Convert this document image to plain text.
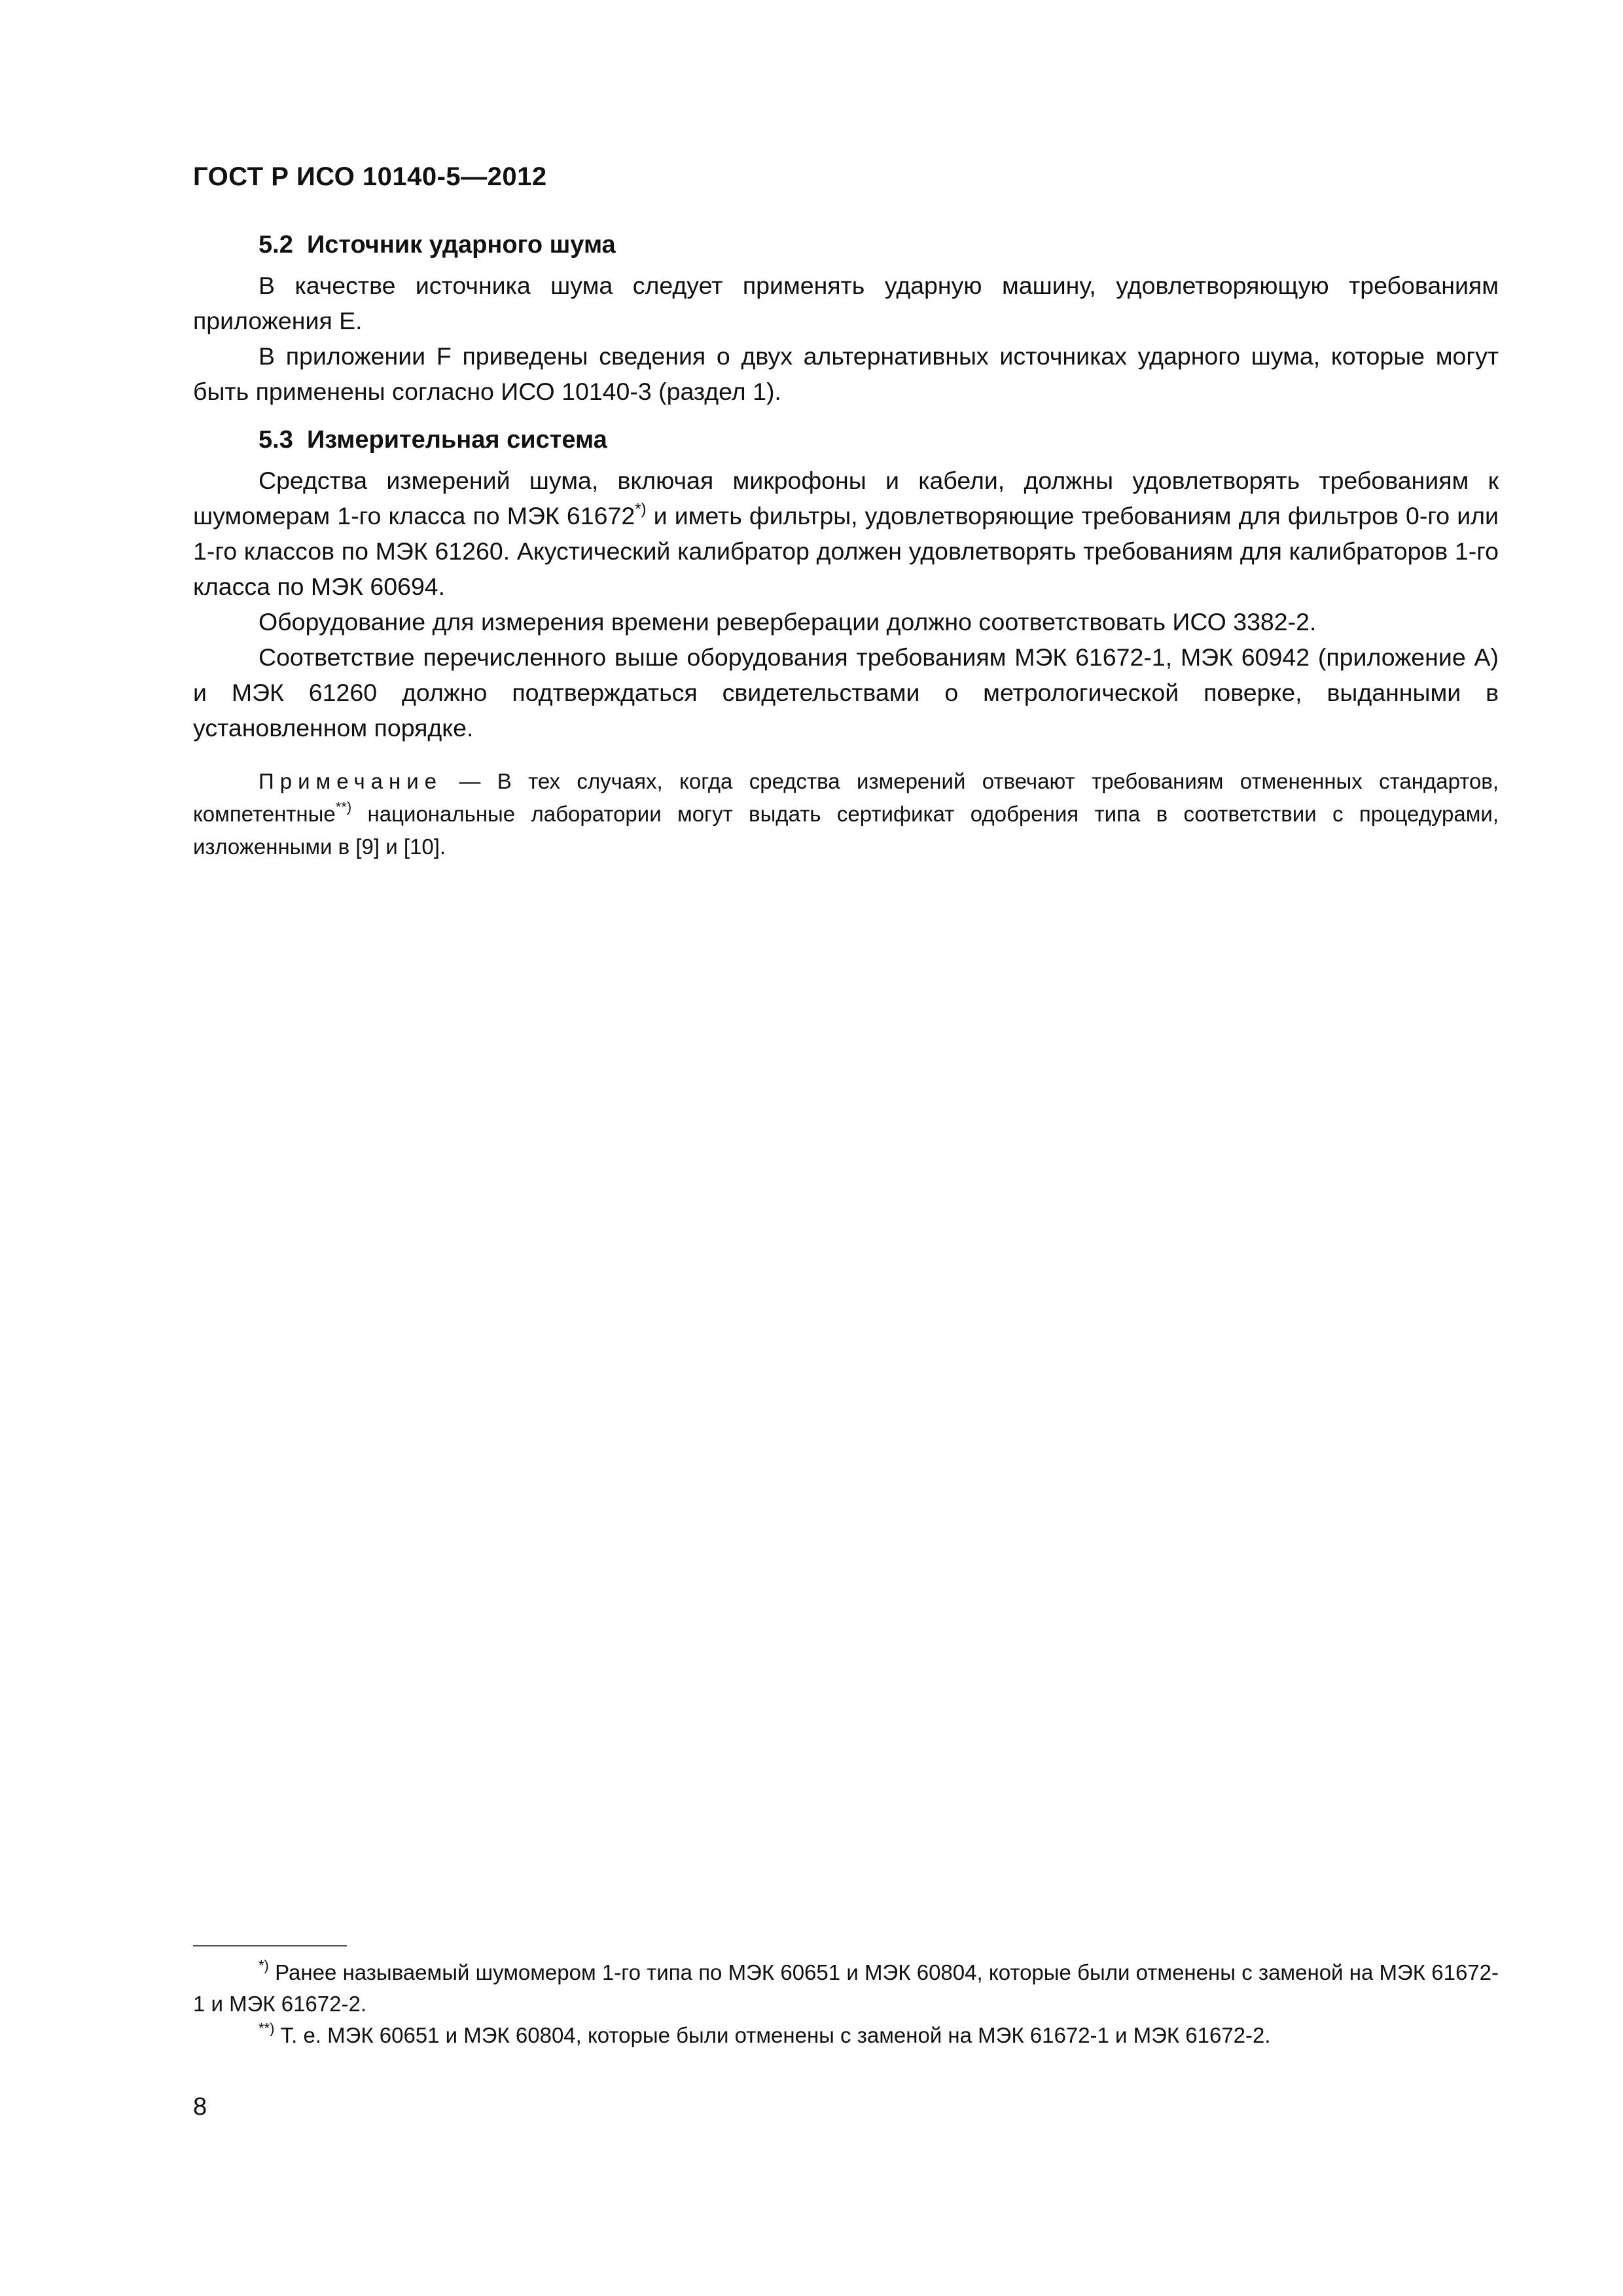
ГОСТ Р ИСО 10140-5—2012
5.2 Источник ударного шума

В качестве источника шума следует применять ударную машину, удовлетворяющую требованиям приложения Е.

В приложении F приведены сведения о двух альтернативных источниках ударного шума, которые могут быть применены согласно ИСО 10140-3 (раздел 1).

5.3 Измерительная система

Средства измерений шума, включая микрофоны и кабели, должны удовлетворять требованиям к шумомерам 1-го класса по МЭК 61672*) и иметь фильтры, удовлетворяющие требованиям для фильтров 0-го или 1-го классов по МЭК 61260. Акустический калибратор должен удовлетворять требованиям для калибраторов 1-го класса по МЭК 60694.

Оборудование для измерения времени реверберации должно соответствовать ИСО 3382-2.

Соответствие перечисленного выше оборудования требованиям МЭК 61672-1, МЭК 60942 (приложение А) и МЭК 61260 должно подтверждаться свидетельствами о метрологической поверке, выданными в установленном порядке.

Примечание — В тех случаях, когда средства измерений отвечают требованиям отмененных стандартов, компетентные**) национальные лаборатории могут выдать сертификат одобрения типа в соответствии с процедурами, изложенными в [9] и [10].

*) Ранее называемый шумомером 1-го типа по МЭК 60651 и МЭК 60804, которые были отменены с заменой на МЭК 61672-1 и МЭК 61672-2.

**) Т. е. МЭК 60651 и МЭК 60804, которые были отменены с заменой на МЭК 61672-1 и МЭК 61672-2.

8
